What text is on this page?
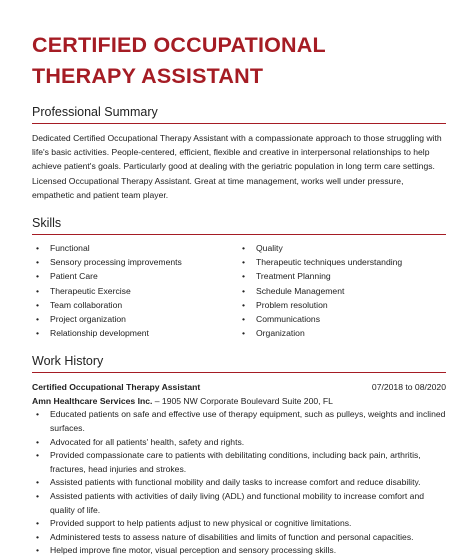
CERTIFIED OCCUPATIONAL
THERAPY ASSISTANT
Professional Summary
Dedicated Certified Occupational Therapy Assistant with a compassionate approach to those struggling with life's basic activities. People-centered, efficient, flexible and creative in interpersonal relationships to help achieve patient's goals. Particularly good at dealing with the geriatric population in long term care settings. Licensed Occupational Therapy Assistant. Great at time management, works well under pressure, empathetic and patient team player.
Skills
• Functional
• Sensory processing improvements
• Patient Care
• Therapeutic Exercise
• Team collaboration
• Project organization
• Relationship development
• Quality
• Therapeutic techniques understanding
• Treatment Planning
• Schedule Management
• Problem resolution
• Communications
• Organization
Work History
Certified Occupational Therapy Assistant	07/2018 to 08/2020
Amn Healthcare Services Inc. – 1905 NW Corporate Boulevard Suite 200, FL
• Educated patients on safe and effective use of therapy equipment, such as pulleys, weights and inclined surfaces.
• Advocated for all patients' health, safety and rights.
• Provided compassionate care to patients with debilitating conditions, including back pain, arthritis, fractures, head injuries and strokes.
• Assisted patients with functional mobility and daily tasks to increase comfort and reduce disability.
• Assisted patients with activities of daily living (ADL) and functional mobility to increase comfort and quality of life.
• Provided support to help patients adjust to new physical or cognitive limitations.
• Administered tests to assess nature of disabilities and limits of function and personal capacities.
• Helped improve fine motor, visual perception and sensory processing skills.
